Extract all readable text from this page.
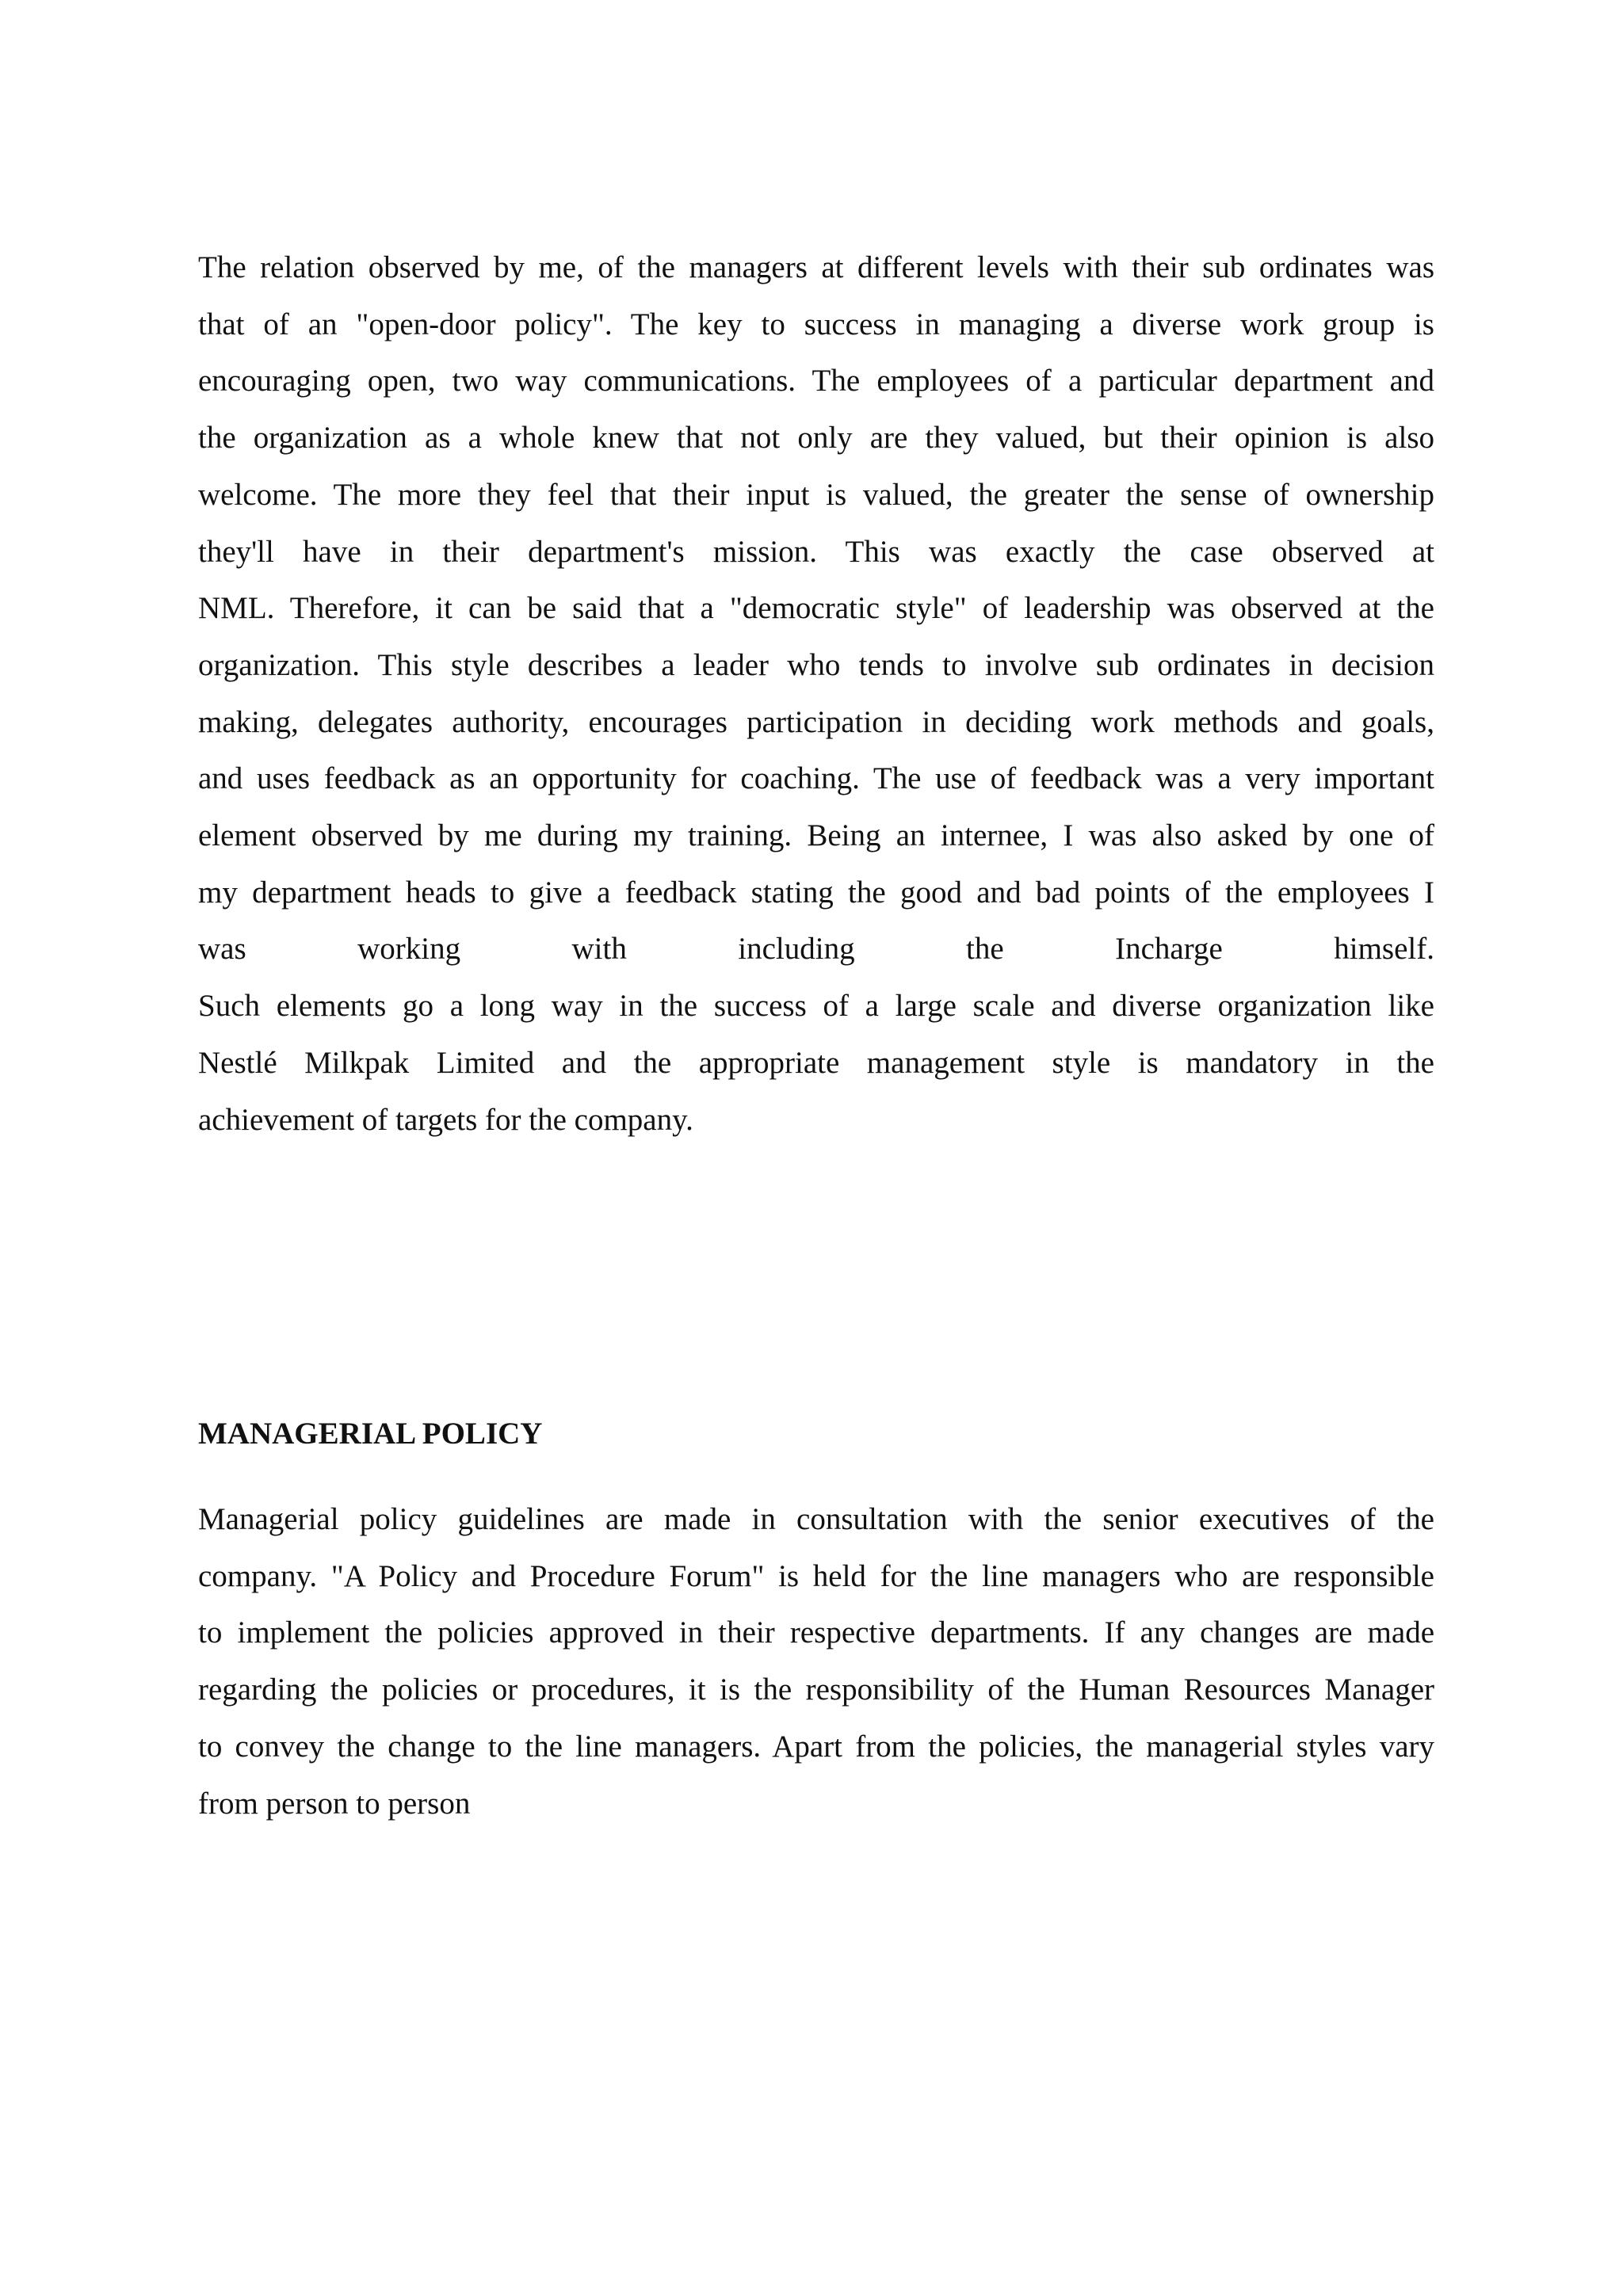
The relation observed by me, of the managers at different levels with their sub ordinates was
that of an "open-door policy". The key to success in managing a diverse work group is
encouraging open, two way communications. The employees of a particular department and
the organization as a whole knew that not only are they valued, but their opinion is also
welcome. The more they feel that their input is valued, the greater the sense of ownership
they'll have in their department's mission. This was exactly the case observed at
NML. Therefore, it can be said that a "democratic style" of leadership was observed at the
organization. This style describes a leader who tends to involve sub ordinates in decision
making, delegates authority, encourages participation in deciding work methods and goals,
and uses feedback as an opportunity for coaching. The use of feedback was a very important
element observed by me during my training. Being an internee, I was also asked by one of
my department heads to give a feedback stating the good and bad points of the employees I
was working with including the Incharge himself.
Such elements go a long way in the success of a large scale and diverse organization like
Nestlé Milkpak Limited and the appropriate management style is mandatory in the
achievement of targets for the company.

MANAGERIAL POLICY

Managerial policy guidelines are made in consultation with the senior executives of the
company. "A Policy and Procedure Forum" is held for the line managers who are responsible
to implement the policies approved in their respective departments. If any changes are made
regarding the policies or procedures, it is the responsibility of the Human Resources Manager
to convey the change to the line managers. Apart from the policies, the managerial styles vary
from person to person
